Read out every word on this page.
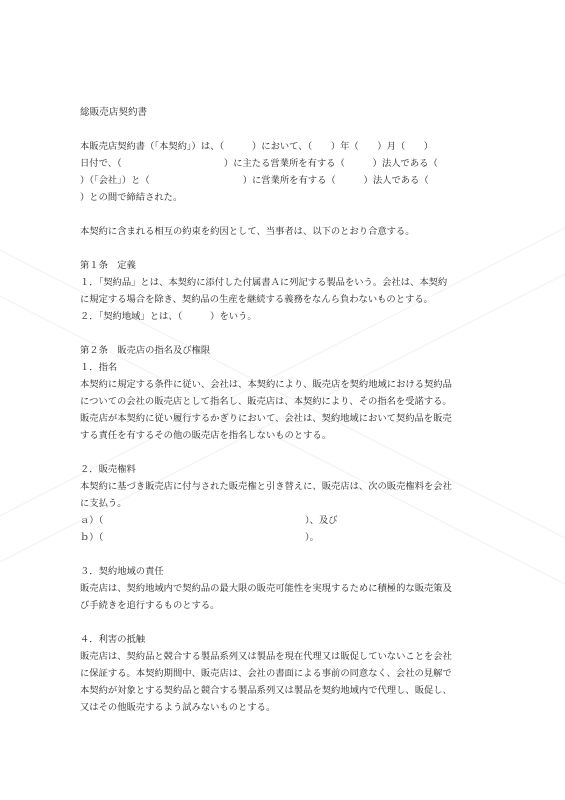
総販売店契約書

本販売店契約書（「本契約」）は、（　　　）において、（　　）年（　　）月（　　）

日付で、（　　　　　　　　　　　）に主たる営業所を有する（　　　）法人である（

）（「会社」）と（　　　　　　　　　　）に営業所を有する（　　　）法人である（

）との間で締結された。

本契約に含まれる相互の約束を約因として、当事者は、以下のとおり合意する。

第１条　定義

１．「契約品」とは、本契約に添付した付属書Ａに列記する製品をいう。会社は、本契約

に規定する場合を除き、契約品の生産を継続する義務をなんら負わないものとする。

２．「契約地域」とは、（　　　）をいう。

第２条　販売店の指名及び権限

１．指名

本契約に規定する条件に従い、会社は、本契約により、販売店を契約地域における契約品

についての会社の販売店として指名し、販売店は、本契約により、その指名を受諾する。

販売店が本契約に従い履行するかぎりにおいて、会社は、契約地域において契約品を販売

する責任を有するその他の販売店を指名しないものとする。

２．販売権料

本契約に基づき販売店に付与された販売権と引き替えに、販売店は、次の販売権料を会社

に支払う。

ａ）（	）、及び
ｂ）（	）。

３．契約地域の責任

販売店は、契約地域内で契約品の最大限の販売可能性を実現するために積極的な販売策及

び手続きを追行するものとする。

４．利害の抵触

販売店は、契約品と競合する製品系列又は製品を現在代理又は販促していないことを会社

に保証する。本契約期間中、販売店は、会社の書面による事前の同意なく、会社の見解で

本契約が対象とする契約品と競合する製品系列又は製品を契約地域内で代理し、販促し、

又はその他販売するよう試みないものとする。
